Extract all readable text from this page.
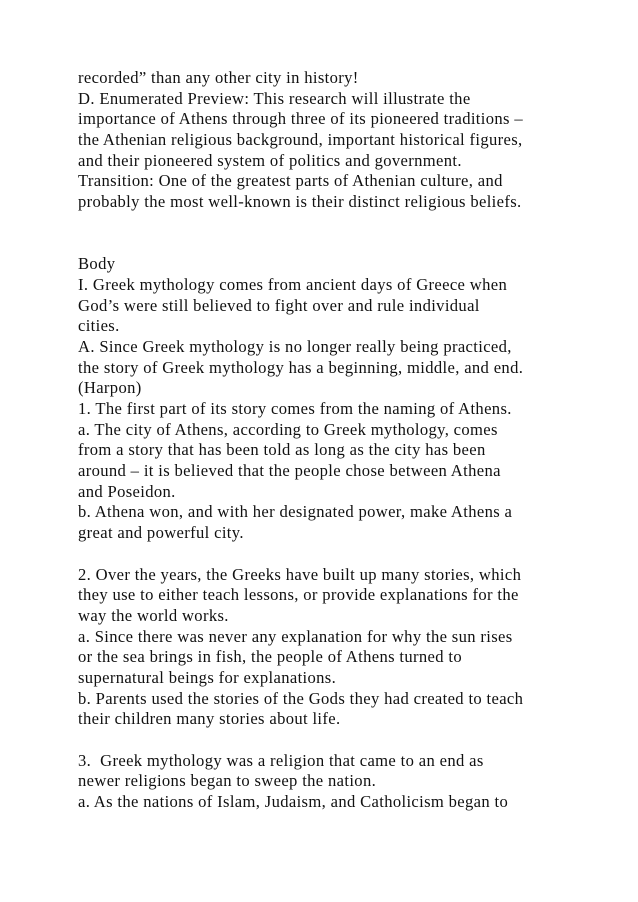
recorded” than any other city in history!
D. Enumerated Preview: This research will illustrate the
importance of Athens through three of its pioneered traditions –
the Athenian religious background, important historical figures,
and their pioneered system of politics and government.
Transition: One of the greatest parts of Athenian culture, and
probably the most well-known is their distinct religious beliefs.
Body
I. Greek mythology comes from ancient days of Greece when
God’s were still believed to fight over and rule individual
cities.
A. Since Greek mythology is no longer really being practiced,
the story of Greek mythology has a beginning, middle, and end.
(Harpon)
1. The first part of its story comes from the naming of Athens.
a. The city of Athens, according to Greek mythology, comes
from a story that has been told as long as the city has been
around – it is believed that the people chose between Athena
and Poseidon.
b. Athena won, and with her designated power, make Athens a
great and powerful city.
2. Over the years, the Greeks have built up many stories, which
they use to either teach lessons, or provide explanations for the
way the world works.
a. Since there was never any explanation for why the sun rises
or the sea brings in fish, the people of Athens turned to
supernatural beings for explanations.
b. Parents used the stories of the Gods they had created to teach
their children many stories about life.
3.  Greek mythology was a religion that came to an end as
newer religions began to sweep the nation.
a. As the nations of Islam, Judaism, and Catholicism began to
